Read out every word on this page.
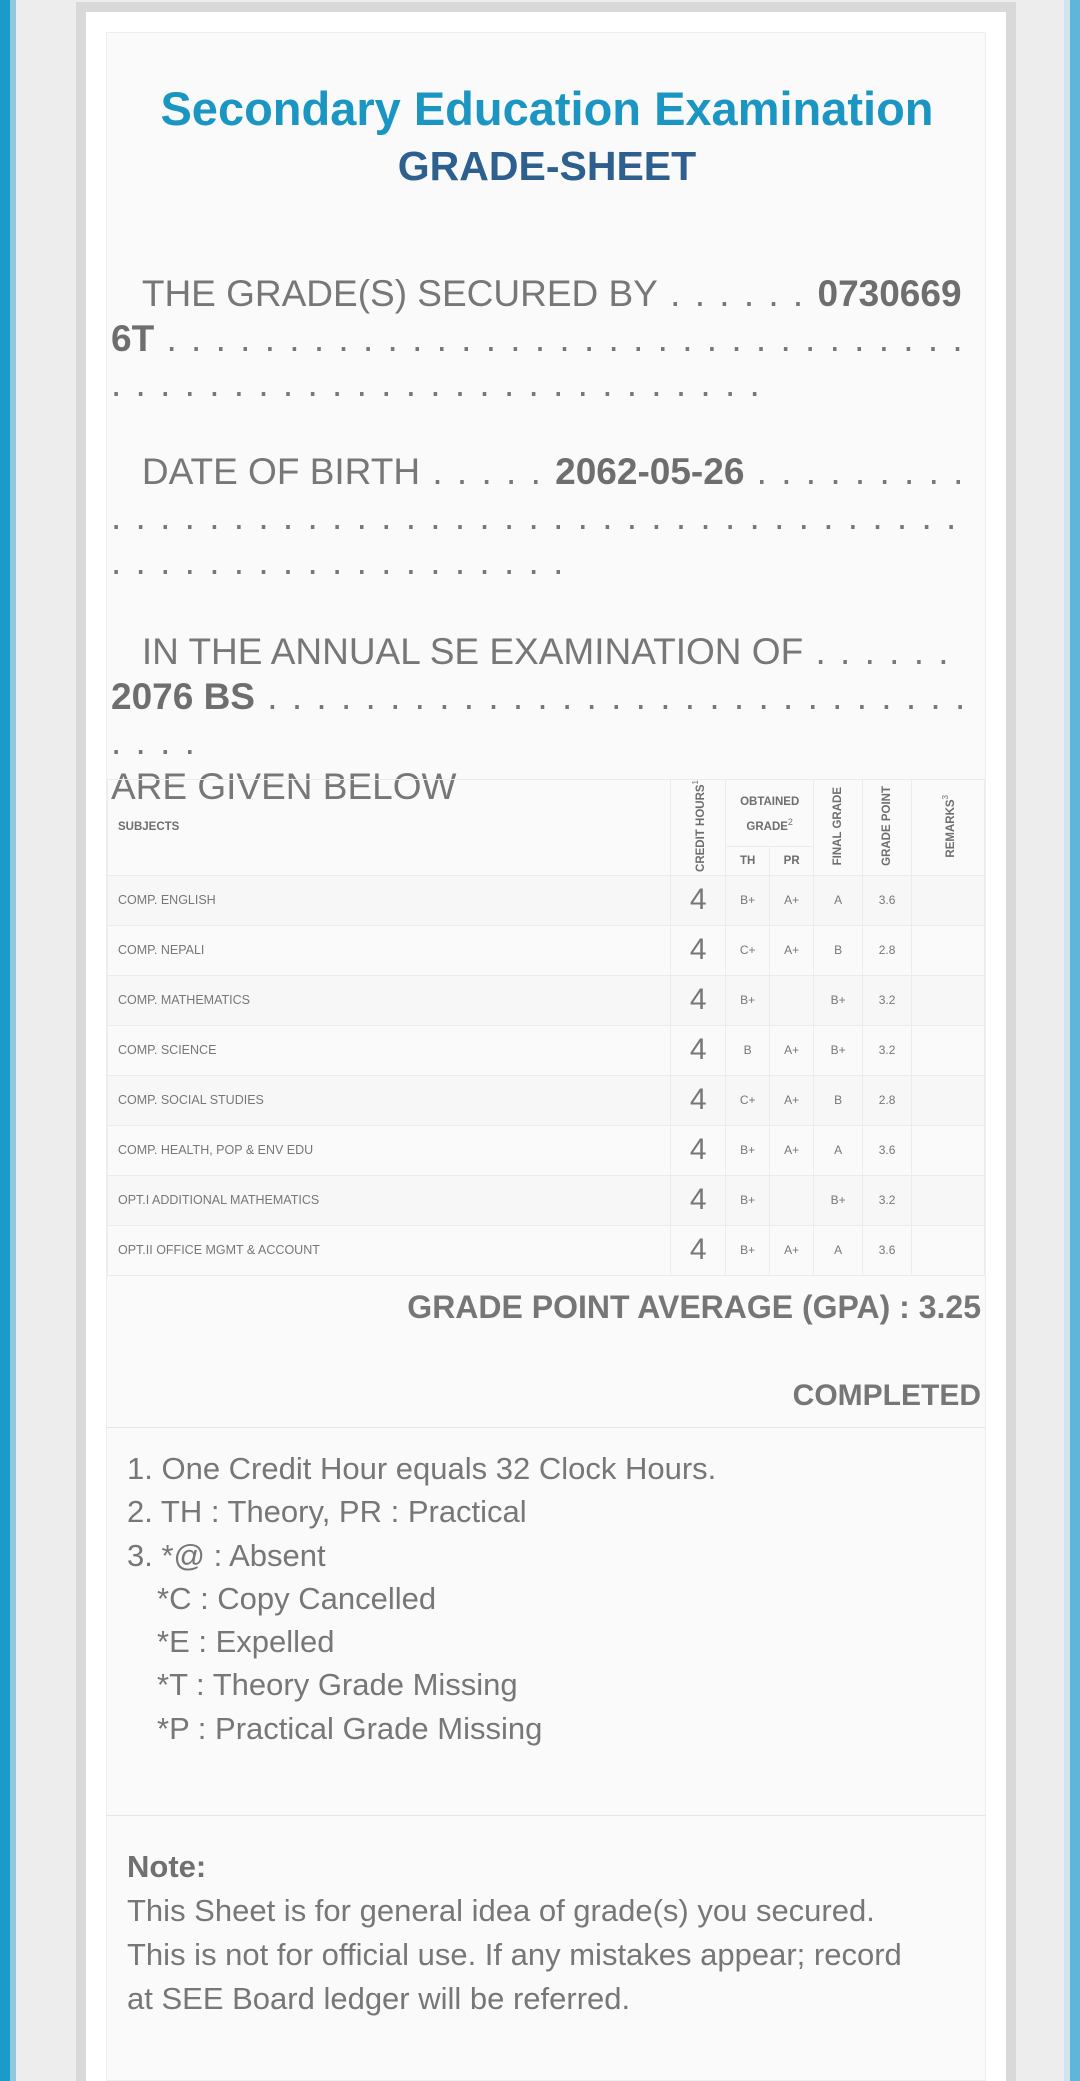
Secondary Education Examination
GRADE-SHEET
THE GRADE(S) SECURED BY . . . . . . 07306696T . . . . . . . . . . . . . . . . . . . . . . . . . . . . . . . . . . . . . . . . . . . . . . . . . . . . . . . . . . . .
DATE OF BIRTH . . . . . 2062-05-26 . . . . . . . . . . . . . . . . . . . . . . . . . . . . . . . . . . . . . . . . . . . . . . . . . . . . . . . . . . . . . . .
IN THE ANNUAL SE EXAMINATION OF . . . . . .
2076 BS . . . . . . . . . . . . . . . . . . . . . . . . . . . . . . . . .
ARE GIVEN BELOW
SUBJECTS	CREDIT HOURS$^1$	OBTAINED GRADE$^2$		FINAL GRADE	GRADE POINT	REMARKS$^3$
		TH	PR			
COMP. ENGLISH	4	B+	A+	A	3.6	
COMP. NEPALI	4	C+	A+	B	2.8	
COMP. MATHEMATICS	4	B+		B+	3.2	
COMP. SCIENCE	4	B	A+	B+	3.2	
COMP. SOCIAL STUDIES	4	C+	A+	B	2.8	
COMP. HEALTH, POP & ENV EDU	4	B+	A+	A	3.6	
OPT.I ADDITIONAL MATHEMATICS	4	B+		B+	3.2	
OPT.II OFFICE MGMT & ACCOUNT	4	B+	A+	A	3.6	
GRADE POINT AVERAGE (GPA) : 3.25
COMPLETED
1. One Credit Hour equals 32 Clock Hours.
2. TH : Theory, PR : Practical
3. *@ : Absent
*C : Copy Cancelled
*E : Expelled
*T : Theory Grade Missing
*P : Practical Grade Missing
Note:
This Sheet is for general idea of grade(s) you secured.
This is not for official use. If any mistakes appear; record
at SEE Board ledger will be referred.
